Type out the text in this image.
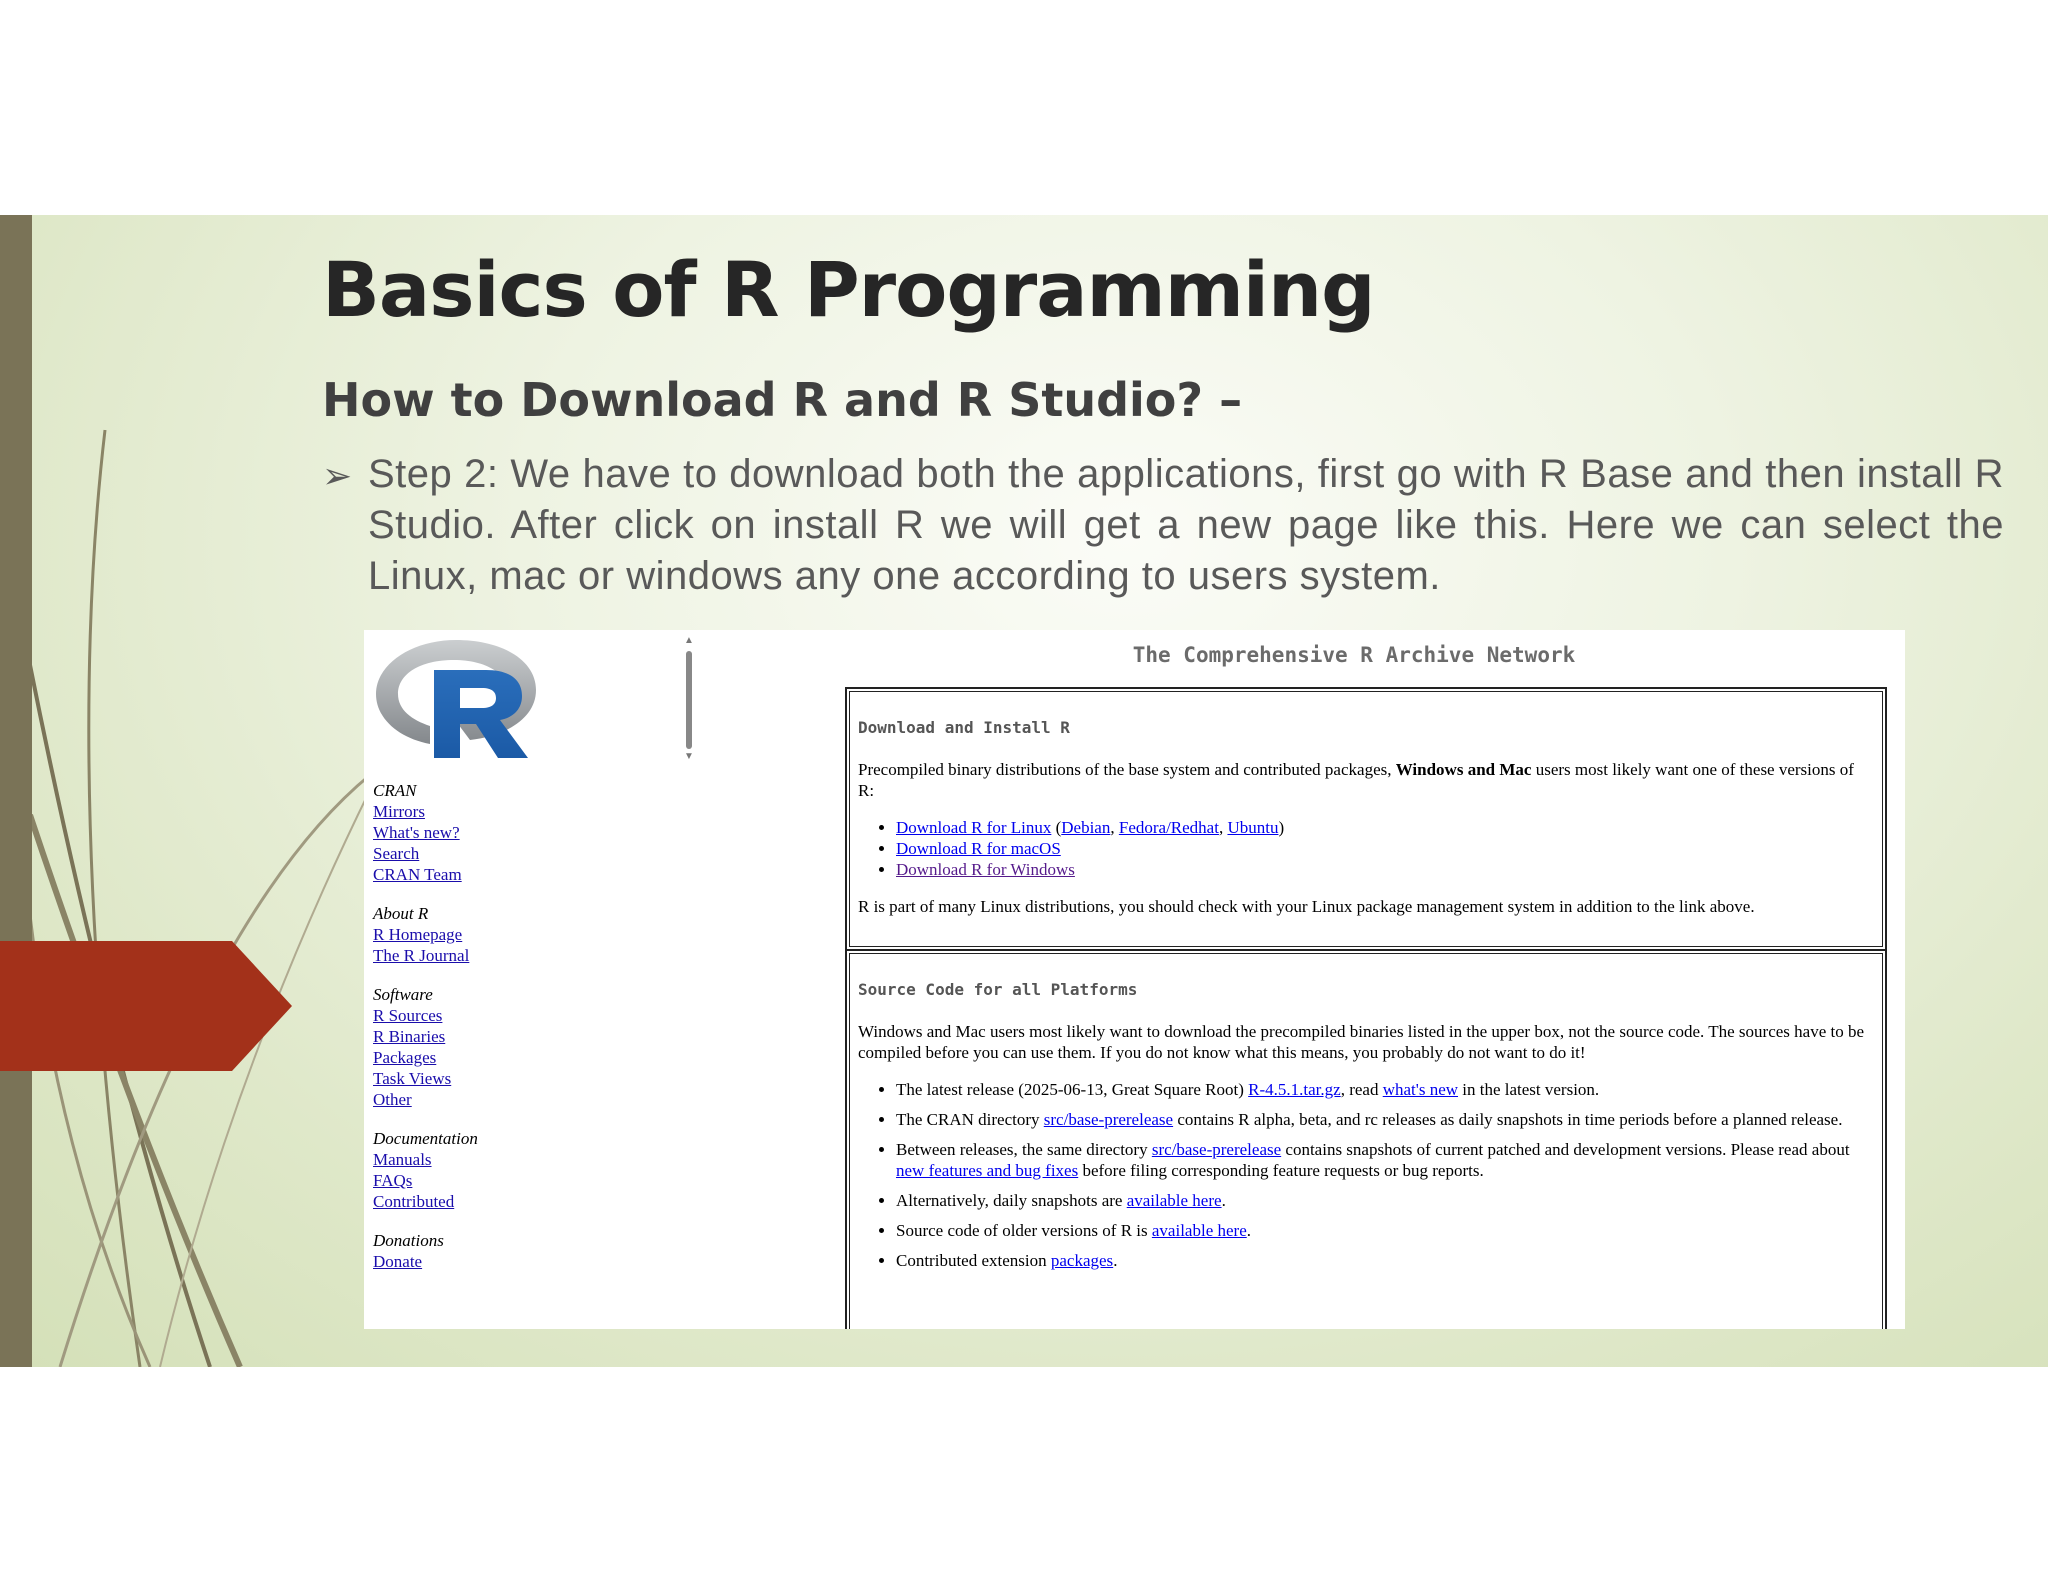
Basics of R Programming
How to Download R and R Studio? –
➢ Step 2: We have to download both the applications, first go with R Base and then install R Studio. After click on install R we will get a new page like this. Here we can select the Linux, mac or windows any one according to users system.
▲
▼
CRAN
Mirrors
What's new?
Search
CRAN Team
About R
R Homepage
The R Journal
Software
R Sources
R Binaries
Packages
Task Views
Other
Documentation
Manuals
FAQs
Contributed
Donations
Donate
The Comprehensive R Archive Network
Download and Install R

Precompiled binary distributions of the base system and contributed packages, Windows and Mac users most likely want one of these versions of R:

• Download R for Linux (Debian, Fedora/Redhat, Ubuntu)
• Download R for macOS
• Download R for Windows

R is part of many Linux distributions, you should check with your Linux package management system in addition to the link above.

Source Code for all Platforms

Windows and Mac users most likely want to download the precompiled binaries listed in the upper box, not the source code. The sources have to be compiled before you can use them. If you do not know what this means, you probably do not want to do it!

• The latest release (2025-06-13, Great Square Root) R-4.5.1.tar.gz, read what's new in the latest version.
• The CRAN directory src/base-prerelease contains R alpha, beta, and rc releases as daily snapshots in time periods before a planned release.
• Between releases, the same directory src/base-prerelease contains snapshots of current patched and development versions. Please read about new features and bug fixes before filing corresponding feature requests or bug reports.
• Alternatively, daily snapshots are available here.
• Source code of older versions of R is available here.
• Contributed extension packages.
